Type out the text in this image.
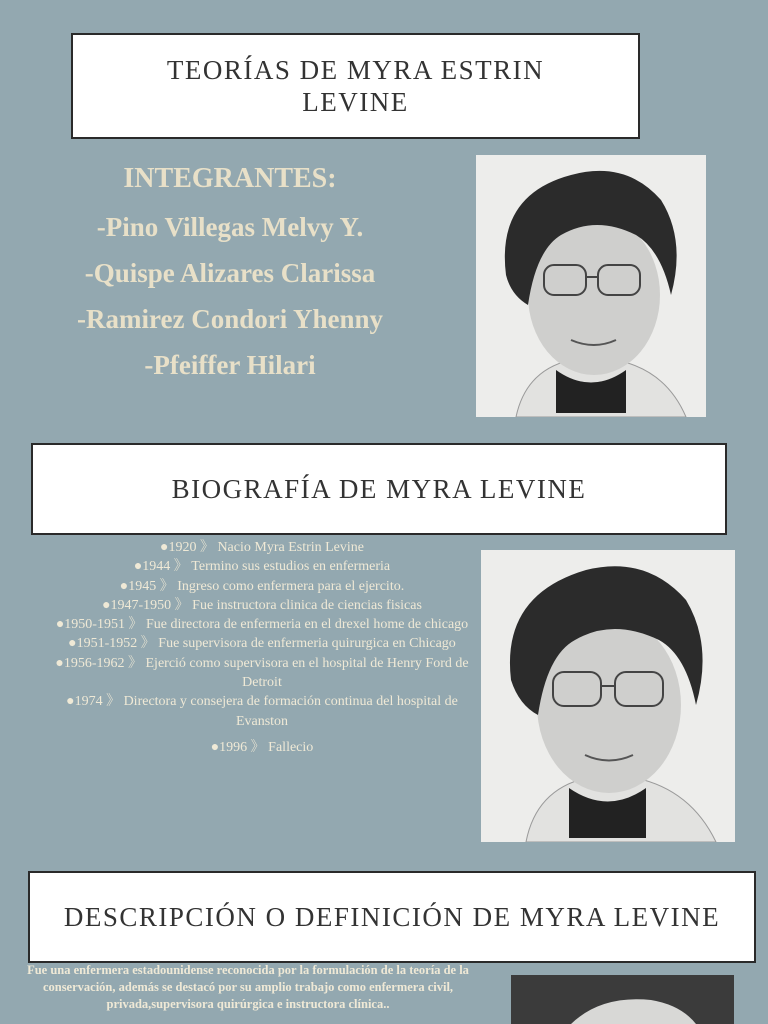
TEORÍAS DE MYRA ESTRIN LEVINE
INTEGRANTES:
-Pino Villegas Melvy Y.
-Quispe Alizares Clarissa
-Ramirez Condori Yhenny
-Pfeiffer Hilari
BIOGRAFÍA DE MYRA LEVINE

●1920 》 Nacio Myra Estrin Levine

●1944 》 Termino sus estudios en enfermeria

●1945 》 Ingreso como enfermera para el ejercito.

●1947-1950 》 Fue instructora clinica de ciencias fisicas

●1950-1951 》 Fue directora de enfermeria en el drexel home de chicago

●1951-1952 》 Fue supervisora de enfermeria quirurgica en Chicago

●1956-1962 》 Ejerció como supervisora en el hospital de Henry Ford de Detroit

●1974 》 Directora y consejera de formación continua del hospital de Evanston

●1996 》 Fallecio

DESCRIPCIÓN O DEFINICIÓN DE MYRA LEVINE
Fue una enfermera estadounidense reconocida por la formulación de la teoría de la conservación, además se destacó por su amplio trabajo como enfermera civil, privada,supervisora quirúrgica e instructora clínica..
